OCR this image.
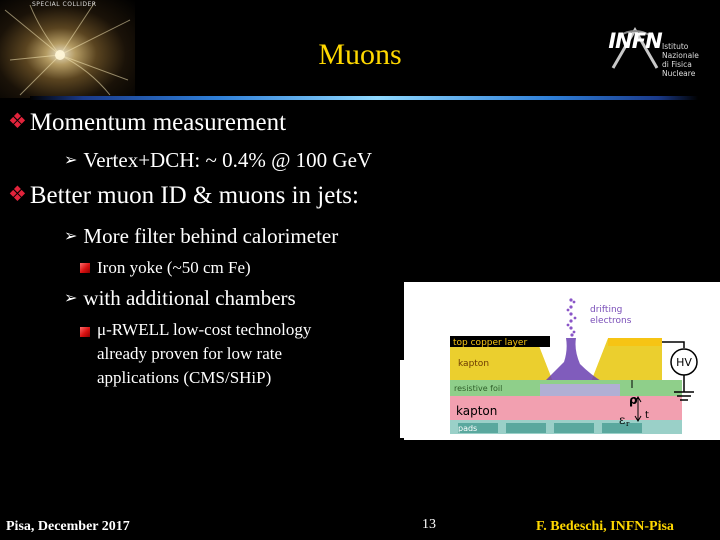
SPECIAL COLLIDER
Muons	INFN Istituto Nazionale
di Fisica Nucleare
❖ Momentum measurement
➢ Vertex+DCH: ~ 0.4% @ 100 GeV
❖ Better muon ID & muons in jets:
➢ More filter behind calorimeter
Iron yoke (~50 cm Fe)
➢ with additional chambers
μ-RWELL low-cost technology
already proven for low rate
applications (CMS/SHiP)
drifting
electrons
top copper layer
kapton
resistive foil
kapton
pads
HV
ρ
ε r
t
Pisa, December 2017	13	F. Bedeschi, INFN-Pisa
